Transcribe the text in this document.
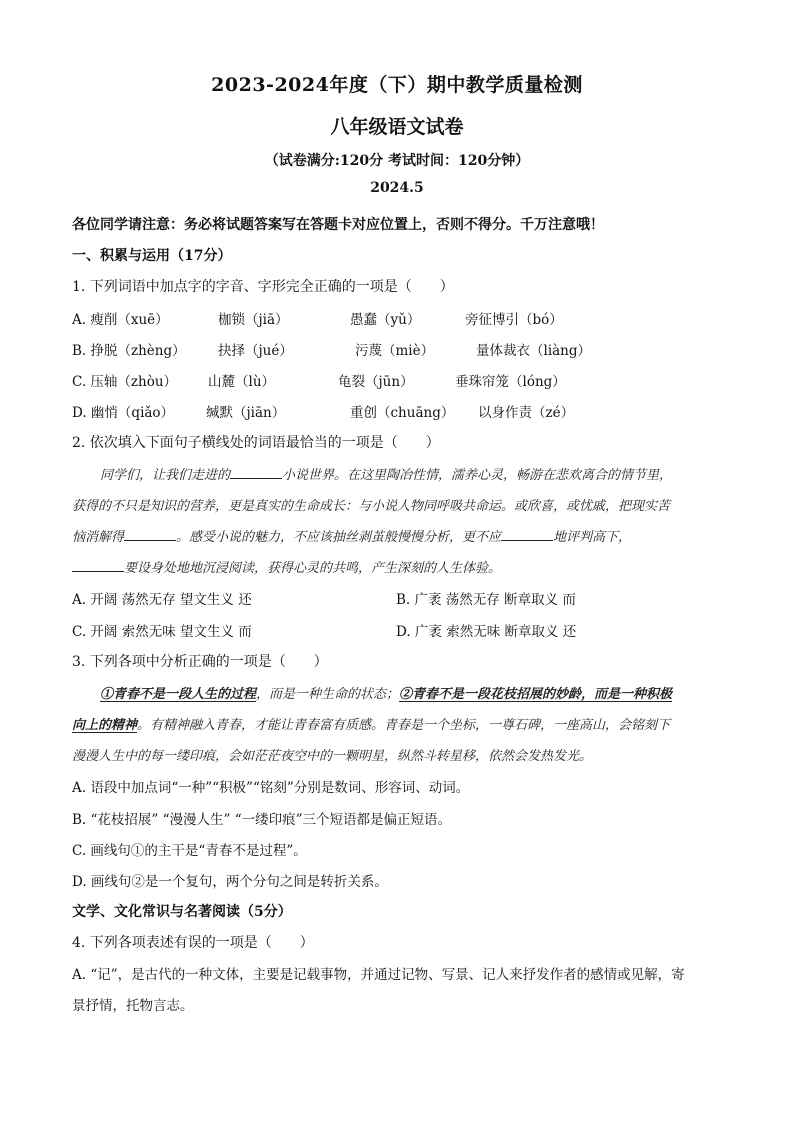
2023-2024年度（下）期中教学质量检测
八年级语文试卷
（试卷满分:120分 考试时间：120分钟）
2024.5
各位同学请注意：务必将试题答案写在答题卡对应位置上，否则不得分。千万注意哦！
一、积累与运用（17分）
1. 下列词语中加点字的字音、字形完全正确的一项是（　　）
A. 瘦削（xuē）	枷锁（jiā）	愚蠢（yǔ）	旁征博引（bó）
B. 挣脱（zhèng） 抉择（jué）	污蔑（miè）	量体裁衣（liàng）
C. 压轴（zhòu） 山麓（lù）	龟裂（jūn）	垂珠帘笼（lóng）
D. 幽悄（qiǎo） 缄默（jiān）	重创（chuāng） 以身作责（zé）
2. 依次填入下面句子横线处的词语最恰当的一项是（　　）
同学们，让我们走进的	小说世界。在这里陶冶性情，濡养心灵，畅游在悲欢离合的情节里，
获得的不只是知识的营养，更是真实的生命成长：与小说人物同呼吸共命运。或欣喜，或忧戚，把现实苦
恼消解得	。感受小说的魅力，不应该抽丝剥茧般慢慢分析，更不应	地评判高下，
要设身处地地沉浸阅读，获得心灵的共鸣，产生深刻的人生体验。
A. 开阔 荡然无存 望文生义 还	B. 广袤 荡然无存 断章取义 而
C. 开阔 索然无味 望文生义 而	D. 广袤 索然无味 断章取义 还
3. 下列各项中分析正确的一项是（　　）
①青春不是一段人生的过程，而是一种生命的状态；②青春不是一段花枝招展的妙龄，而是一种积极
向上的精神。有精神融入青春，才能让青春富有质感。青春是一个坐标，一尊石碑，一座高山，会铭刻下
漫漫人生中的每一缕印痕，会如茫茫夜空中的一颗明星，纵然斗转星移，依然会发热发光。
A. 语段中加点词“一种”“积极”“铭刻”分别是数词、形容词、动词。
B. “花枝招展” “漫漫人生” “一缕印痕”三个短语都是偏正短语。
C. 画线句①的主干是“青春不是过程”。
D. 画线句②是一个复句，两个分句之间是转折关系。
文学、文化常识与名著阅读（5分）
4. 下列各项表述有误的一项是（　　）
A. “记”，是古代的一种文体，主要是记载事物，并通过记物、写景、记人来抒发作者的感情或见解，寄
景抒情，托物言志。
